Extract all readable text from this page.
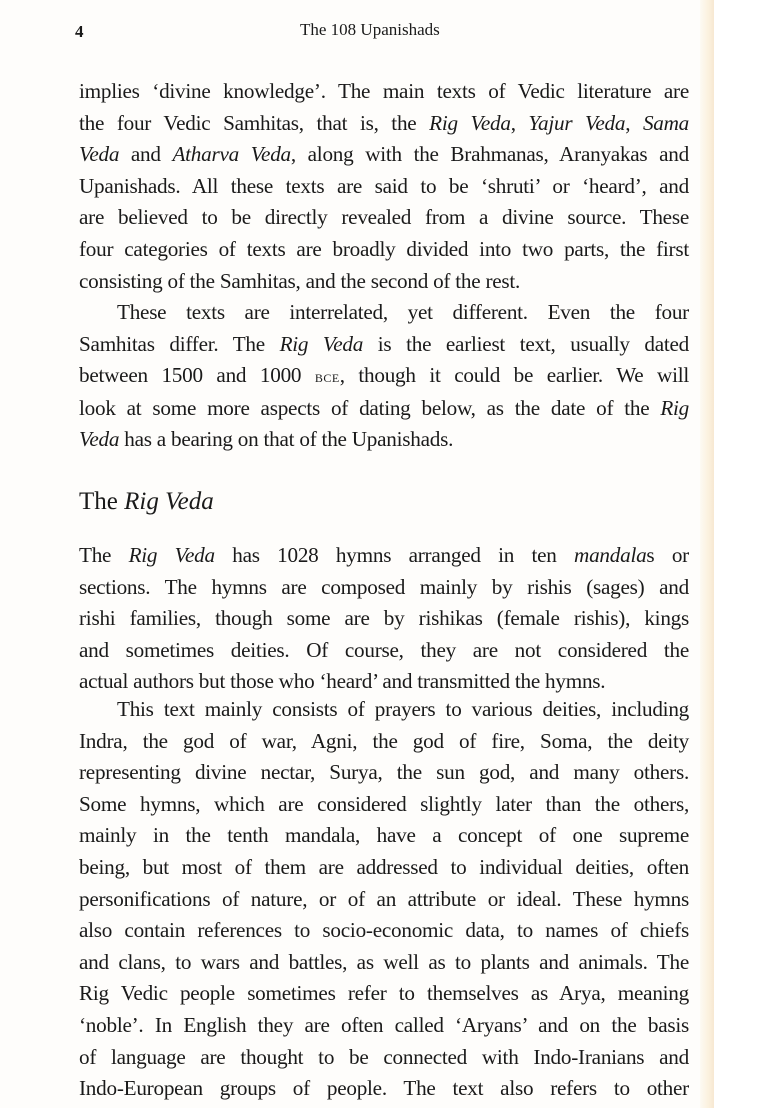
4	The 108 Upanishads
implies ‘divine knowledge’. The main texts of Vedic literature are
the four Vedic Samhitas, that is, the Rig Veda, Yajur Veda, Sama
Veda and Atharva Veda, along with the Brahmanas, Aranyakas and
Upanishads. All these texts are said to be ‘shruti’ or ‘heard’, and
are believed to be directly revealed from a divine source. These
four categories of texts are broadly divided into two parts, the first
consisting of the Samhitas, and the second of the rest.
These texts are interrelated, yet different. Even the four
Samhitas differ. The Rig Veda is the earliest text, usually dated
between 1500 and 1000 bce, though it could be earlier. We will
look at some more aspects of dating below, as the date of the Rig
Veda has a bearing on that of the Upanishads.
The Rig Veda
The Rig Veda has 1028 hymns arranged in ten mandalas or
sections. The hymns are composed mainly by rishis (sages) and
rishi families, though some are by rishikas (female rishis), kings
and sometimes deities. Of course, they are not considered the
actual authors but those who ‘heard’ and transmitted the hymns.
This text mainly consists of prayers to various deities, including
Indra, the god of war, Agni, the god of fire, Soma, the deity
representing divine nectar, Surya, the sun god, and many others.
Some hymns, which are considered slightly later than the others,
mainly in the tenth mandala, have a concept of one supreme
being, but most of them are addressed to individual deities, often
personifications of nature, or of an attribute or ideal. These hymns
also contain references to socio-economic data, to names of chiefs
and clans, to wars and battles, as well as to plants and animals. The
Rig Vedic people sometimes refer to themselves as Arya, meaning
‘noble’. In English they are often called ‘Aryans’ and on the basis
of language are thought to be connected with Indo-Iranians and
Indo-European groups of people. The text also refers to other
